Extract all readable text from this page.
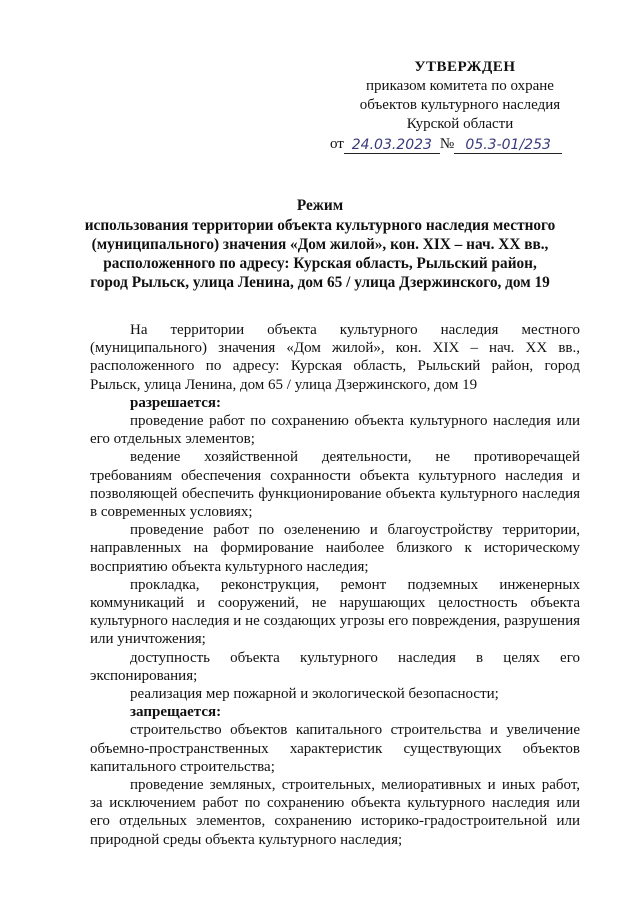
УТВЕРЖДЕН
приказом комитета по охране
объектов культурного наследия
Курской области
от 24.03.2023 № 05.3-01/253
Режим
использования территории объекта культурного наследия местного
(муниципального) значения «Дом жилой», кон. XIX – нач. XX вв.,
расположенного по адресу: Курская область, Рыльский район,
город Рыльск, улица Ленина, дом 65 / улица Дзержинского, дом 19

На территории объекта культурного наследия местного (муниципального) значения «Дом жилой», кон. XIX – нач. XX вв., расположенного по адресу: Курская область, Рыльский район, город Рыльск, улица Ленина, дом 65 / улица Дзержинского, дом 19

разрешается:

проведение работ по сохранению объекта культурного наследия или его отдельных элементов;

ведение хозяйственной деятельности, не противоречащей требованиям обеспечения сохранности объекта культурного наследия и позволяющей обеспечить функционирование объекта культурного наследия в современных условиях;

проведение работ по озеленению и благоустройству территории, направленных на формирование наиболее близкого к историческому восприятию объекта культурного наследия;

прокладка, реконструкция, ремонт подземных инженерных коммуникаций и сооружений, не нарушающих целостность объекта культурного наследия и не создающих угрозы его повреждения, разрушения или уничтожения;

доступность объекта культурного наследия в целях его экспонирования;

реализация мер пожарной и экологической безопасности;

запрещается:

строительство объектов капитального строительства и увеличение объемно-пространственных характеристик существующих объектов капитального строительства;

проведение земляных, строительных, мелиоративных и иных работ, за исключением работ по сохранению объекта культурного наследия или его отдельных элементов, сохранению историко-градостроительной или природной среды объекта культурного наследия;
